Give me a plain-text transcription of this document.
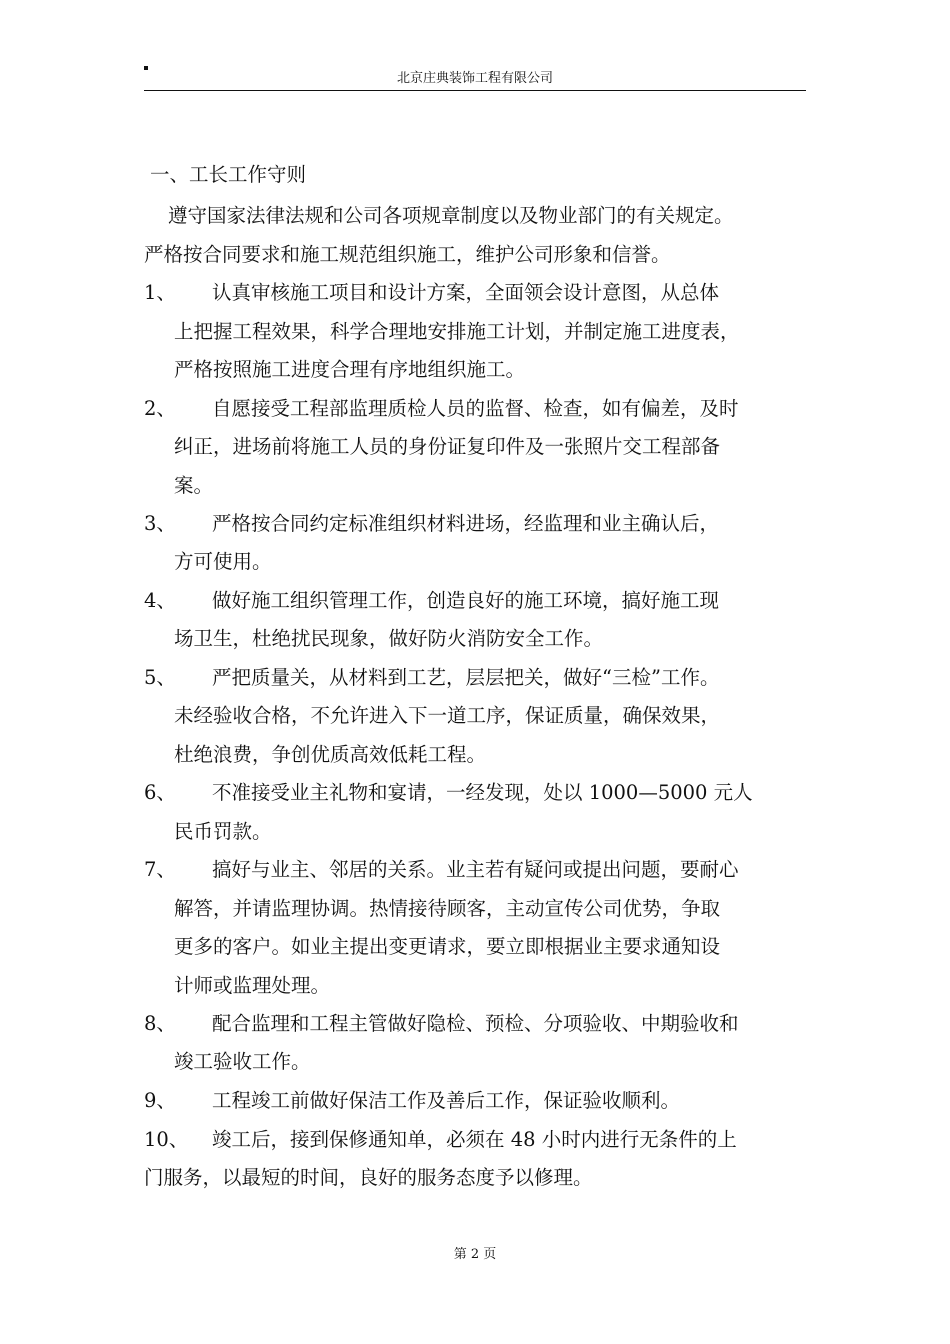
北京庄典装饰工程有限公司
一、工长工作守则
遵守国家法律法规和公司各项规章制度以及物业部门的有关规定。
严格按合同要求和施工规范组织施工，维护公司形象和信誉。
1、 认真审核施工项目和设计方案，全面领会设计意图，从总体
上把握工程效果，科学合理地安排施工计划，并制定施工进度表，
严格按照施工进度合理有序地组织施工。
2、 自愿接受工程部监理质检人员的监督、检查，如有偏差，及时
纠正，进场前将施工人员的身份证复印件及一张照片交工程部备
案。
3、 严格按合同约定标准组织材料进场，经监理和业主确认后，
方可使用。
4、 做好施工组织管理工作，创造良好的施工环境，搞好施工现
场卫生，杜绝扰民现象，做好防火消防安全工作。
5、 严把质量关，从材料到工艺，层层把关，做好“三检”工作。
未经验收合格，不允许进入下一道工序，保证质量，确保效果，
杜绝浪费，争创优质高效低耗工程。
6、 不准接受业主礼物和宴请，一经发现，处以 1000—5000 元人
民币罚款。
7、 搞好与业主、邻居的关系。业主若有疑问或提出问题，要耐心
解答，并请监理协调。热情接待顾客，主动宣传公司优势，争取
更多的客户。如业主提出变更请求，要立即根据业主要求通知设
计师或监理处理。
8、 配合监理和工程主管做好隐检、预检、分项验收、中期验收和
竣工验收工作。
9、 工程竣工前做好保洁工作及善后工作，保证验收顺利。
10、 竣工后，接到保修通知单，必须在 48 小时内进行无条件的上
门服务，以最短的时间，良好的服务态度予以修理。
第 2 页
